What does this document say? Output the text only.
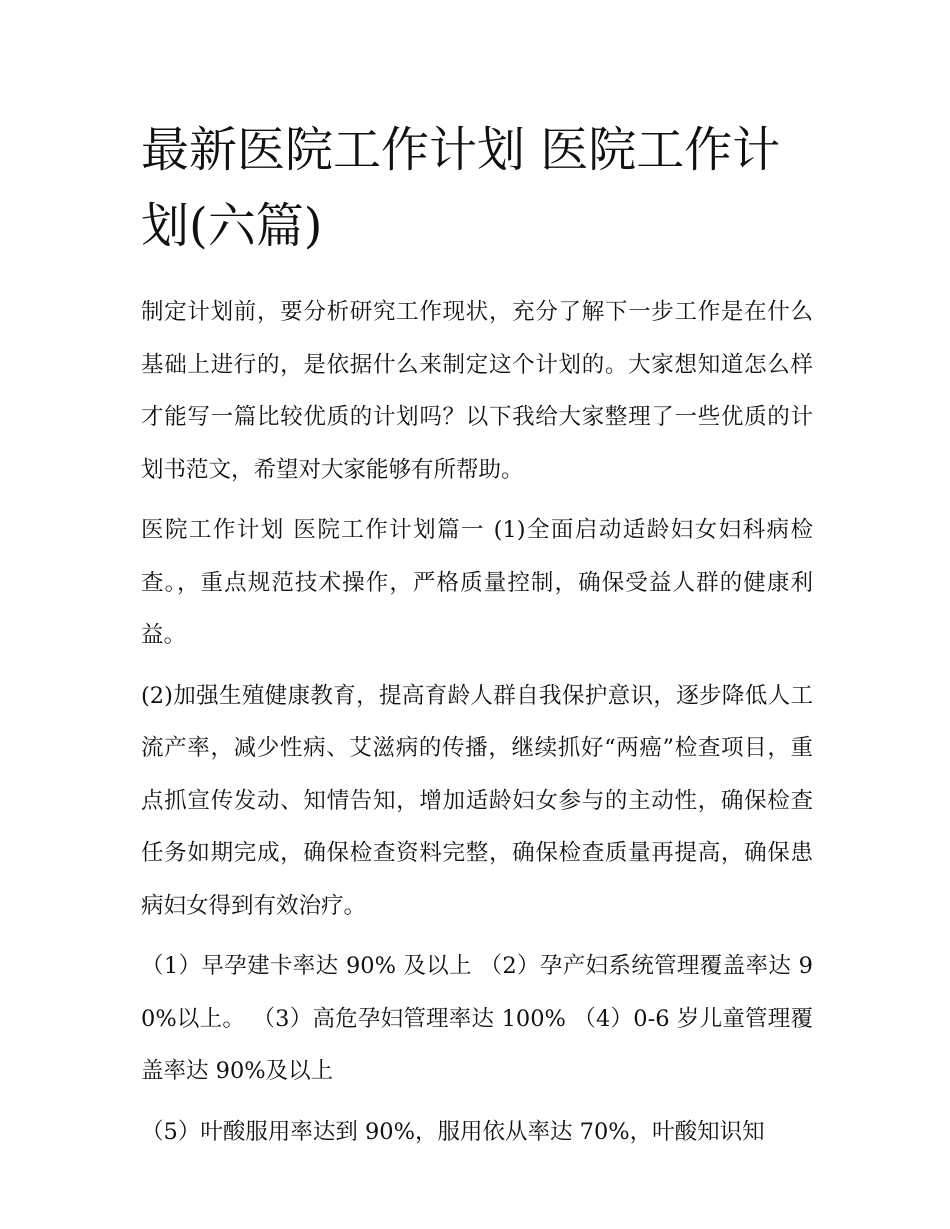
最新医院工作计划 医院工作计划(六篇)

制定计划前，要分析研究工作现状，充分了解下一步工作是在什么基础上进行的，是依据什么来制定这个计划的。大家想知道怎么样才能写一篇比较优质的计划吗？以下我给大家整理了一些优质的计划书范文，希望对大家能够有所帮助。

医院工作计划 医院工作计划篇一 (1)全面启动适龄妇女妇科病检查。，重点规范技术操作，严格质量控制，确保受益人群的健康利益。

(2)加强生殖健康教育，提高育龄人群自我保护意识，逐步降低人工流产率，减少性病、艾滋病的传播，继续抓好“两癌”检查项目，重点抓宣传发动、知情告知，增加适龄妇女参与的主动性，确保检查任务如期完成，确保检查资料完整，确保检查质量再提高，确保患病妇女得到有效治疗。

（1）早孕建卡率达 90% 及以上 （2）孕产妇系统管理覆盖率达 90%以上。 （3）高危孕妇管理率达 100% （4）0-6 岁儿童管理覆盖率达 90%及以上

（5）叶酸服用率达到 90%，服用依从率达 70%，叶酸知识知
